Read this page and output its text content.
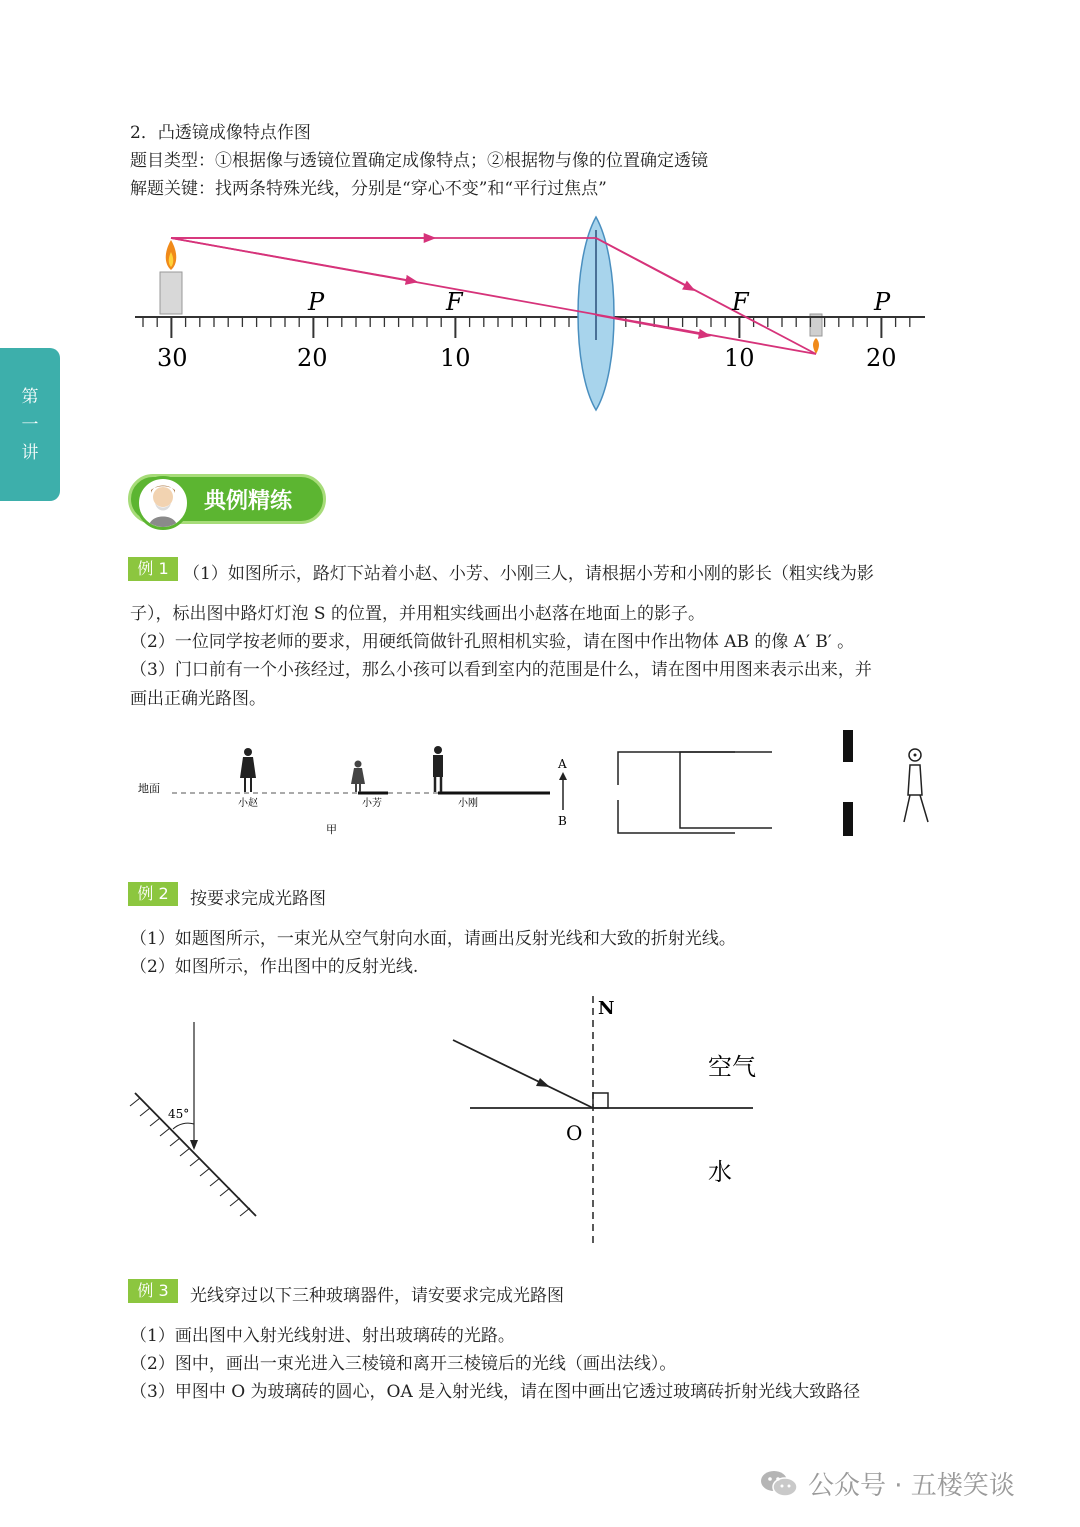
2．凸透镜成像特点作图
题目类型：①根据像与透镜位置确定成像特点；②根据物与像的位置确定透镜
解题关键：找两条特殊光线，分别是“穿心不变”和“平行过焦点”
P	F	F	P
30	20	10	10	20
第
一
讲
典例精练
例 1 （1）如图所示，路灯下站着小赵、小芳、小刚三人，请根据小芳和小刚的影长（粗实线为影
子），标出图中路灯灯泡 S 的位置，并用粗实线画出小赵落在地面上的影子。
（2）一位同学按老师的要求，用硬纸筒做针孔照相机实验，请在图中作出物体 AB 的像 A′ B′ 。
（3）门口前有一个小孩经过，那么小孩可以看到室内的范围是什么，请在图中用图来表示出来，并
画出正确光路图。
地面
小赵	小芳	小刚
甲
A
B
例 2	按要求完成光路图
（1）如题图所示，一束光从空气射向水面，请画出反射光线和大致的折射光线。
（2）如图所示，作出图中的反射光线.
45°
N
空气
O
水
例 3	光线穿过以下三种玻璃器件，请安要求完成光路图
（1）画出图中入射光线射进、射出玻璃砖的光路。
（2）图中，画出一束光进入三棱镜和离开三棱镜后的光线（画出法线）。
（3）甲图中 O 为玻璃砖的圆心，OA 是入射光线，请在图中画出它透过玻璃砖折射光线大致路径
公众号 · 五楼笑谈
